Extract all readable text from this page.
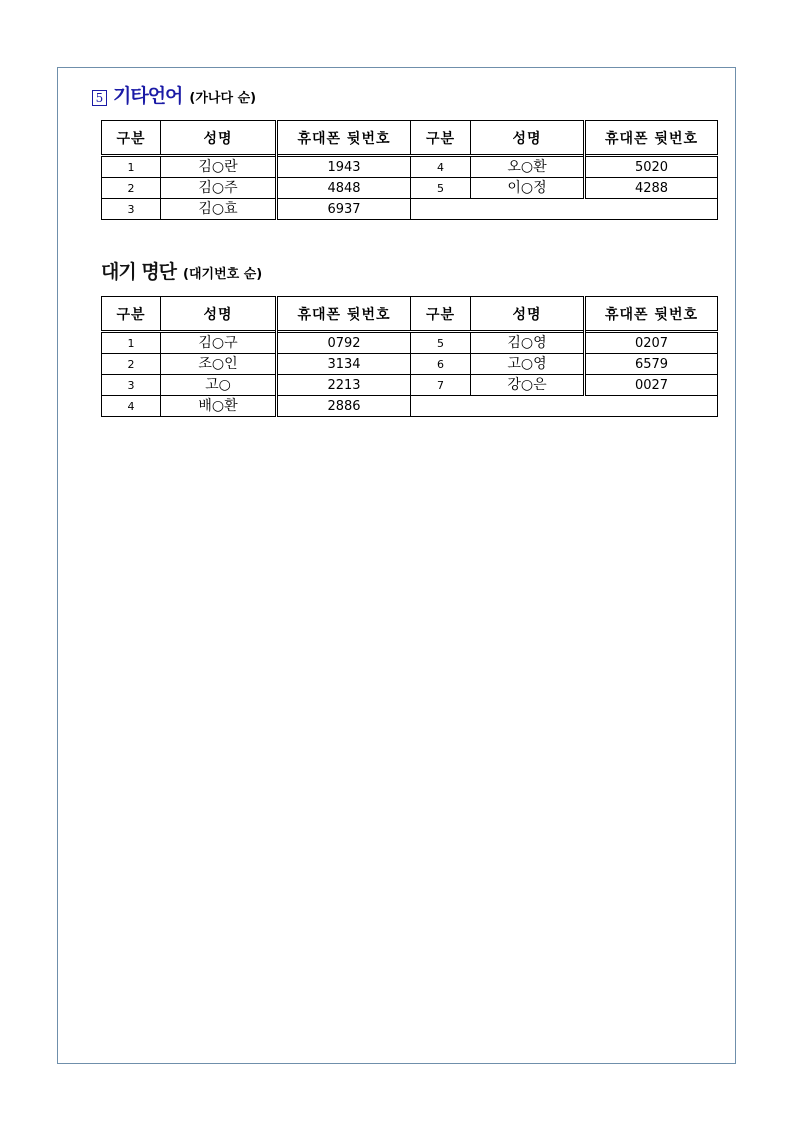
5 기타언어 (가나다 순)
구분	성명	휴대폰 뒷번호	구분	성명	휴대폰 뒷번호
1	김○란	1943	4	오○환	5020
2	김○주	4848	5	이○정	4288
3	김○효	6937			
대기 명단 (대기번호 순)
구분	성명	휴대폰 뒷번호	구분	성명	휴대폰 뒷번호
1	김○구	0792	5	김○영	0207
2	조○인	3134	6	고○영	6579
3	고○	2213	7	강○은	0027
4	배○환	2886			
